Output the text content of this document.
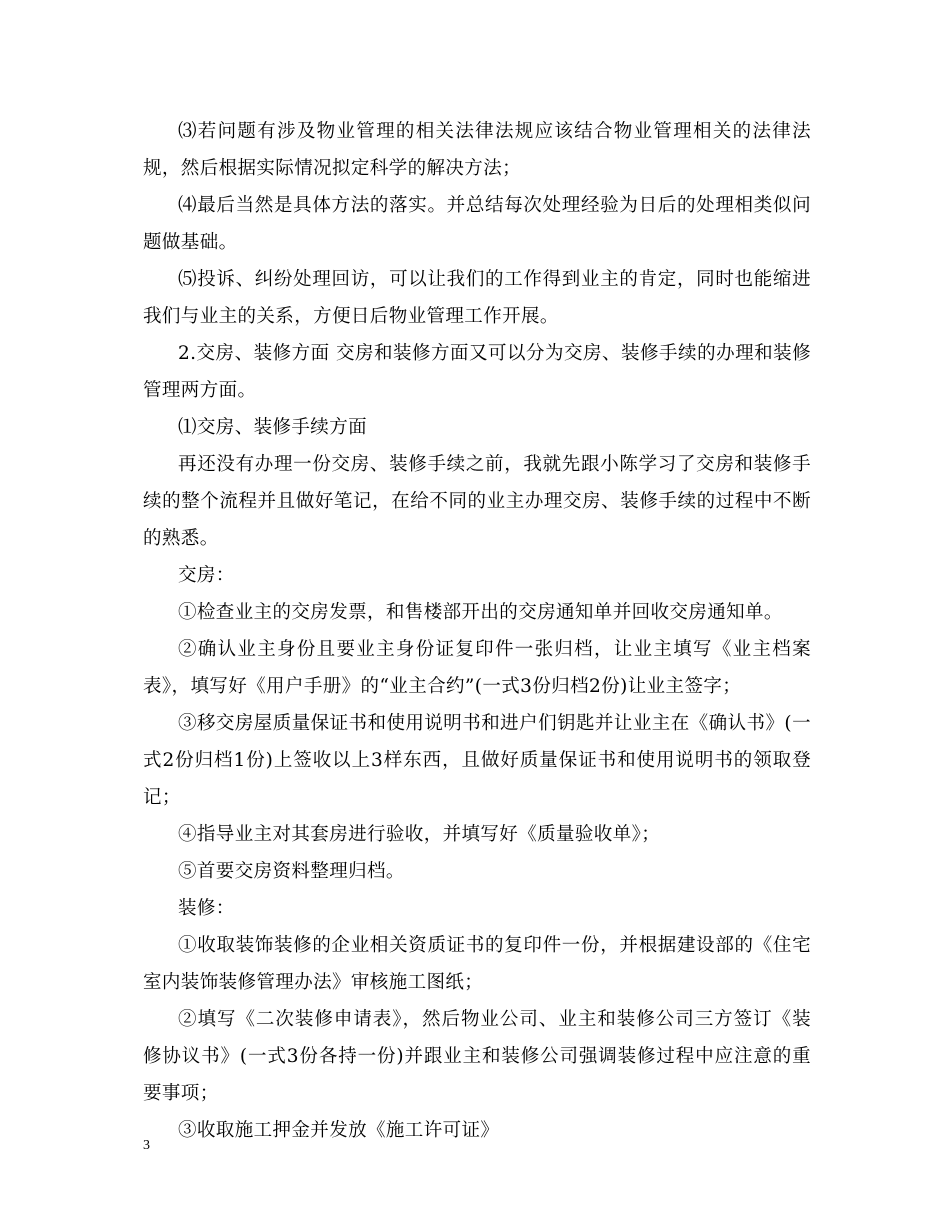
⑶若问题有涉及物业管理的相关法律法规应该结合物业管理相关的法律法规，然后根据实际情况拟定科学的解决方法；

⑷最后当然是具体方法的落实。并总结每次处理经验为日后的处理相类似问题做基础。

⑸投诉、纠纷处理回访，可以让我们的工作得到业主的肯定，同时也能缩进我们与业主的关系，方便日后物业管理工作开展。

2.交房、装修方面 交房和装修方面又可以分为交房、装修手续的办理和装修管理两方面。

⑴交房、装修手续方面

再还没有办理一份交房、装修手续之前，我就先跟小陈学习了交房和装修手续的整个流程并且做好笔记，在给不同的业主办理交房、装修手续的过程中不断的熟悉。

交房：

①检查业主的交房发票，和售楼部开出的交房通知单并回收交房通知单。

②确认业主身份且要业主身份证复印件一张归档，让业主填写《业主档案表》，填写好《用户手册》的“业主合约”(一式3份归档2份)让业主签字；

③移交房屋质量保证书和使用说明书和进户们钥匙并让业主在《确认书》(一式2份归档1份)上签收以上3样东西，且做好质量保证书和使用说明书的领取登记；

④指导业主对其套房进行验收，并填写好《质量验收单》；

⑤首要交房资料整理归档。

装修：

①收取装饰装修的企业相关资质证书的复印件一份，并根据建设部的《住宅室内装饰装修管理办法》审核施工图纸；

②填写《二次装修申请表》，然后物业公司、业主和装修公司三方签订《装修协议书》(一式3份各持一份)并跟业主和装修公司强调装修过程中应注意的重要事项；

③收取施工押金并发放《施工许可证》

3
